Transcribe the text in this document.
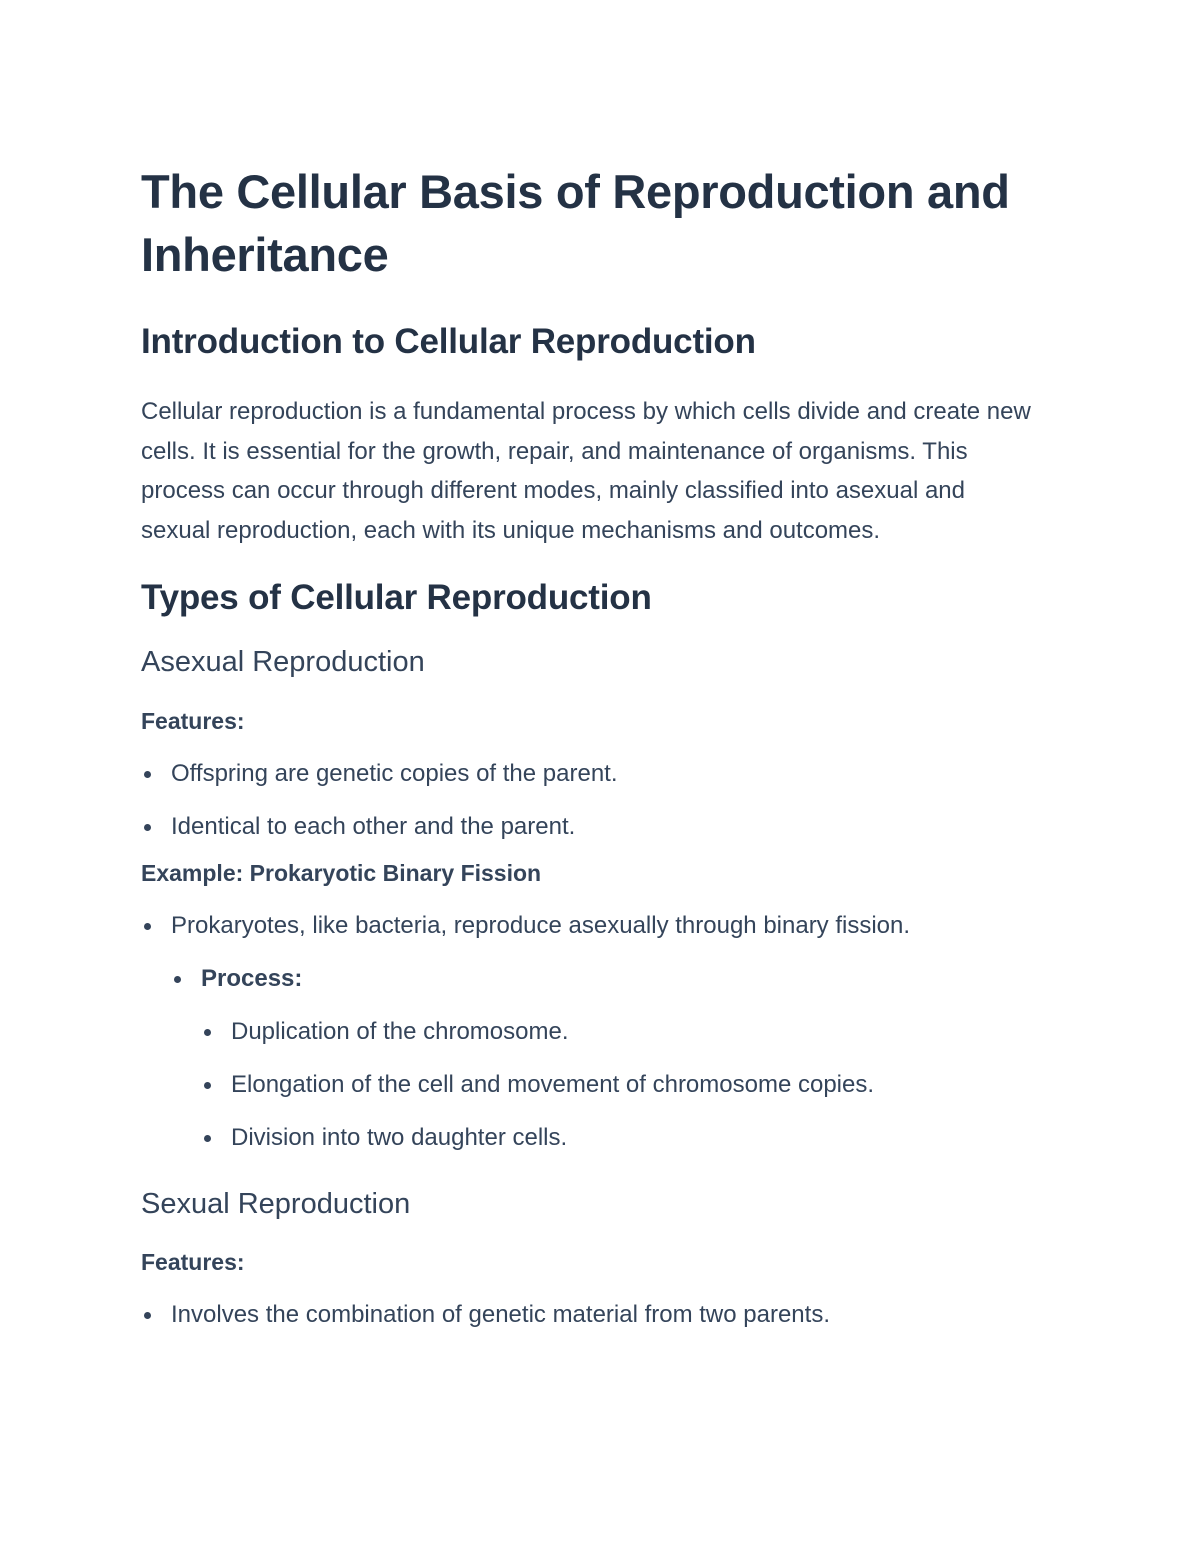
The Cellular Basis of Reproduction and Inheritance
Introduction to Cellular Reproduction

Cellular reproduction is a fundamental process by which cells divide and create new cells. It is essential for the growth, repair, and maintenance of organisms. This process can occur through different modes, mainly classified into asexual and sexual reproduction, each with its unique mechanisms and outcomes.

Types of Cellular Reproduction
Asexual Reproduction
Features:
Offspring are genetic copies of the parent.
Identical to each other and the parent.
Example: Prokaryotic Binary Fission
Prokaryotes, like bacteria, reproduce asexually through binary fission.
Process:
Duplication of the chromosome.
Elongation of the cell and movement of chromosome copies.
Division into two daughter cells.
Sexual Reproduction
Features:
Involves the combination of genetic material from two parents.
